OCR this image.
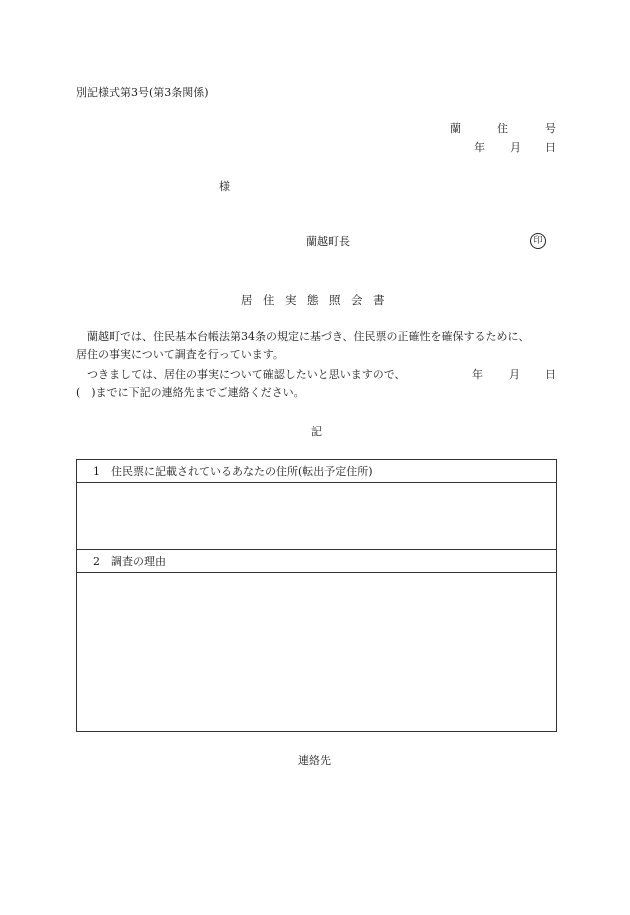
別記様式第3号(第3条関係)
蘭	住	号
年 月 日
様
蘭越町長	印
居住実態照会書
蘭越町では、住民基本台帳法第34条の規定に基づき、住民票の正確性を確保するために、
居住の事実について調査を行っています。
つきましては、居住の事実について確認したいと思いますので、	年 月 日
(　)までに下記の連絡先までご連絡ください。
記
1　住民票に記載されているあなたの住所(転出予定住所)

2　調査の理由

連絡先
